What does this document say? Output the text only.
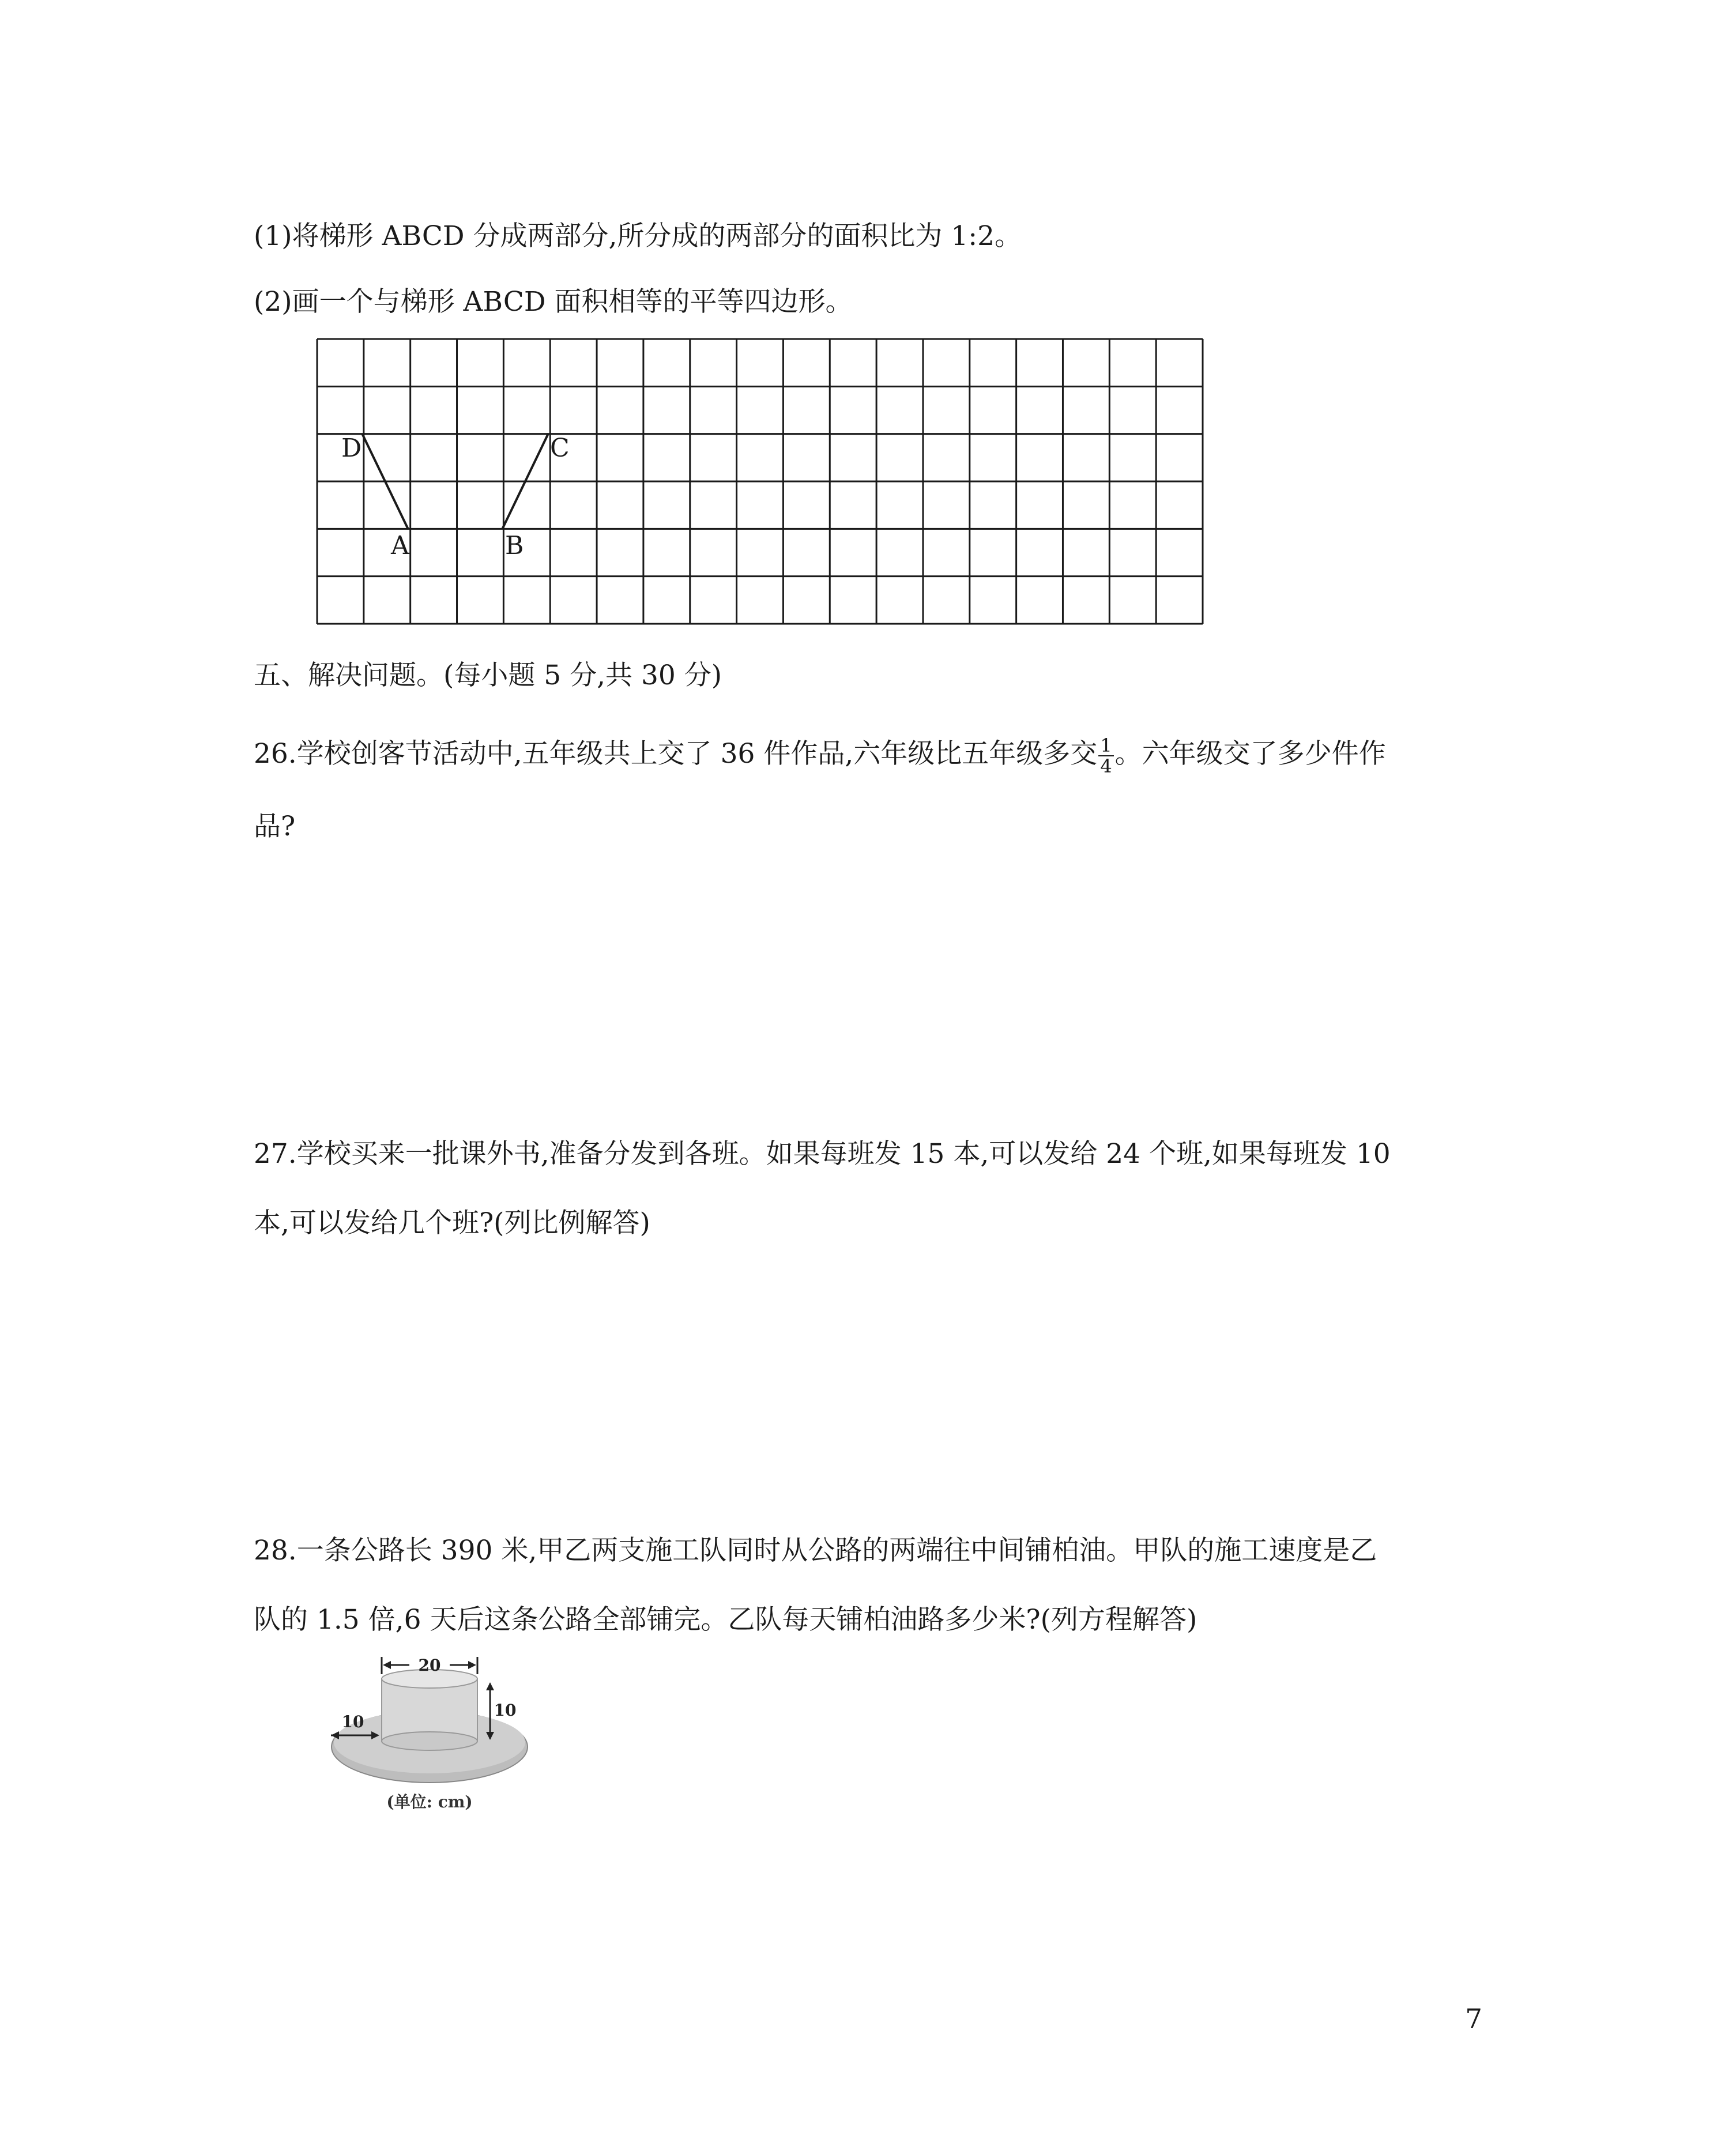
(1)将梯形 ABCD 分成两部分,所分成的两部分的面积比为 1:2。
(2)画一个与梯形 ABCD 面积相等的平等四边形。
D	C
A	B
五、解决问题。(每小题 5 分,共 30 分)
26.学校创客节活动中,五年级共上交了 36 件作品,六年级比五年级多交 $\frac{1}{4}$ 。六年级交了多少件作
品?
27.学校买来一批课外书,准备分发到各班。如果每班发 15 本,可以发给 24 个班,如果每班发 10
本,可以发给几个班?(列比例解答)
28.一条公路长 390 米,甲乙两支施工队同时从公路的两端往中间铺柏油。甲队的施工速度是乙
队的 1.5 倍,6 天后这条公路全部铺完。乙队每天铺柏油路多少米?(列方程解答)
20
10
10
(单位: cm)
7
